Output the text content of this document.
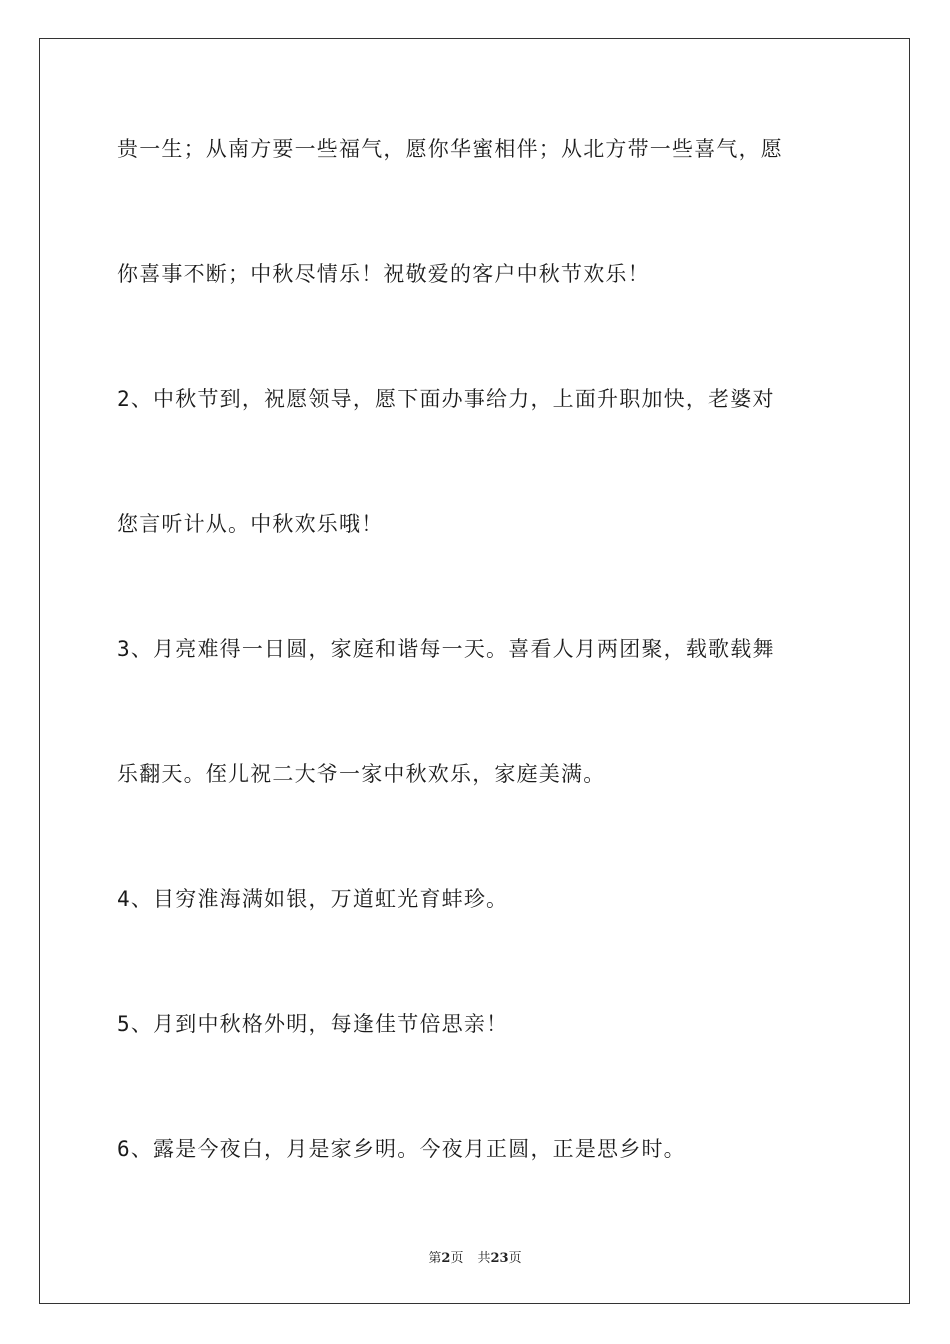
贵一生；从南方要一些福气，愿你华蜜相伴；从北方带一些喜气，愿
你喜事不断；中秋尽情乐！祝敬爱的客户中秋节欢乐！
2、中秋节到，祝愿领导，愿下面办事给力，上面升职加快，老婆对
您言听计从。中秋欢乐哦！
3、月亮难得一日圆，家庭和谐每一天。喜看人月两团聚，载歌载舞
乐翻天。侄儿祝二大爷一家中秋欢乐，家庭美满。
4、目穷淮海满如银，万道虹光育蚌珍。
5、月到中秋格外明，每逢佳节倍思亲！
6、露是今夜白，月是家乡明。今夜月正圆，正是思乡时。
第2页 共23页
